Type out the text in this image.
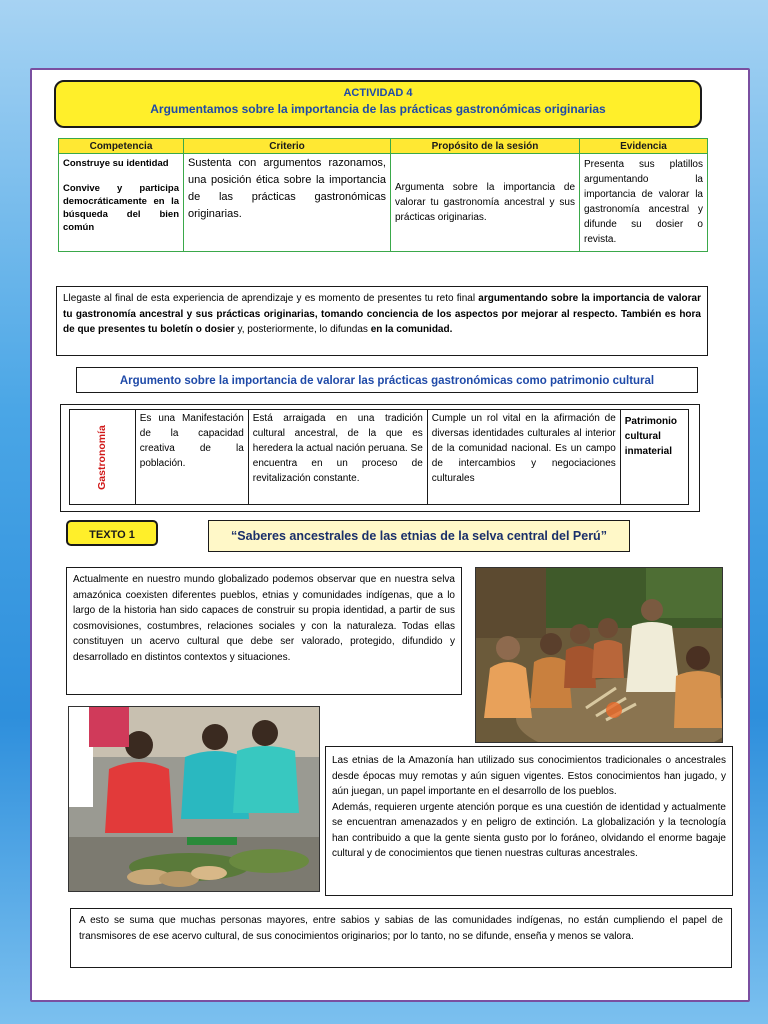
ACTIVIDAD 4
Argumentamos sobre la importancia de las prácticas gastronómicas originarias
Competencia	Criterio	Propósito de la sesión	Evidencia

Construye su identidad
Convive y participa democráticamente en la búsqueda del bien común	Sustenta con argumentos razonamos, una posición ética sobre la importancia de las prácticas gastronómicas originarias.	Argumenta sobre la importancia de valorar tu gastronomía ancestral y sus prácticas originarias.	Presenta sus platillos argumentando la importancia de valorar la gastronomía ancestral y difunde su dosier o revista.
Llegaste al final de esta experiencia de aprendizaje y es momento de presentes tu reto final argumentando sobre la importancia de valorar tu gastronomía ancestral y sus prácticas originarias, tomando conciencia de los aspectos por mejorar al respecto. También es hora de que presentes tu boletín o dosier y, posteriormente, lo difundas en la comunidad.
Argumento sobre la importancia de valorar las prácticas gastronómicas como patrimonio cultural
Gastronomía	Es una Manifestación de la capacidad creativa de la población.	Está arraigada en una tradición cultural ancestral, de la que es heredera la actual nación peruana. Se encuentra en un proceso de revitalización constante.	Cumple un rol vital en la afirmación de diversas identidades culturales al interior de la comunidad nacional. Es un campo de intercambios y negociaciones culturales	Patrimonio cultural inmaterial
TEXTO 1	“Saberes ancestrales de las etnias de la selva central del Perú”
Actualmente en nuestro mundo globalizado podemos observar que en nuestra selva amazónica coexisten diferentes pueblos, etnias y comunidades indígenas, que a lo largo de la historia han sido capaces de construir su propia identidad, a partir de sus cosmovisiones, costumbres, relaciones sociales y con la naturaleza. Todas ellas constituyen un acervo cultural que debe ser valorado, protegido, difundido y desarrollado en distintos contextos y situaciones.
Las etnias de la Amazonía han utilizado sus conocimientos tradicionales o ancestrales desde épocas muy remotas y aún siguen vigentes. Estos conocimientos han jugado, y aún juegan, un papel importante en el desarrollo de los pueblos.
Además, requieren urgente atención porque es una cuestión de identidad y actualmente se encuentran amenazados y en peligro de extinción. La globalización y la tecnología han contribuido a que la gente sienta gusto por lo foráneo, olvidando el enorme bagaje cultural y de conocimientos que tienen nuestras culturas ancestrales.
A esto se suma que muchas personas mayores, entre sabios y sabias de las comunidades indígenas, no están cumpliendo el papel de transmisores de ese acervo cultural, de sus conocimientos originarios; por lo tanto, no se difunde, enseña y menos se valora.
